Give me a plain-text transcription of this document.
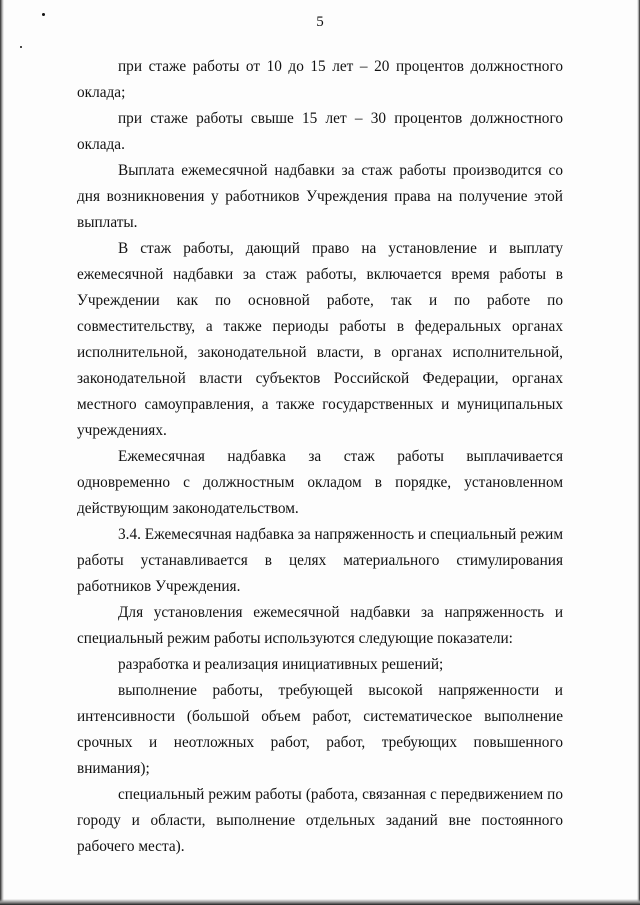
5

при стаже работы от 10 до 15 лет – 20 процентов должностного оклада;

при стаже работы свыше 15 лет – 30 процентов должностного оклада.

Выплата ежемесячной надбавки за стаж работы производится со дня возникновения у работников Учреждения права на получение этой выплаты.

В стаж работы, дающий право на установление и выплату ежемесячной надбавки за стаж работы, включается время работы в Учреждении как по основной работе, так и по работе по совместительству, а также периоды работы в федеральных органах исполнительной, законодательной власти, в органах исполнительной, законодательной власти субъектов Российской Федерации, органах местного самоуправления, а также государственных и муниципальных учреждениях.

Ежемесячная надбавка за стаж работы выплачивается одновременно с должностным окладом в порядке, установленном действующим законодательством.

3.4. Ежемесячная надбавка за напряженность и специальный режим работы устанавливается в целях материального стимулирования работников Учреждения.

Для установления ежемесячной надбавки за напряженность и специальный режим работы используются следующие показатели:

разработка и реализация инициативных решений;

выполнение работы, требующей высокой напряженности и интенсивности (большой объем работ, систематическое выполнение срочных и неотложных работ, работ, требующих повышенного внимания);

специальный режим работы (работа, связанная с передвижением по городу и области, выполнение отдельных заданий вне постоянного рабочего места).
